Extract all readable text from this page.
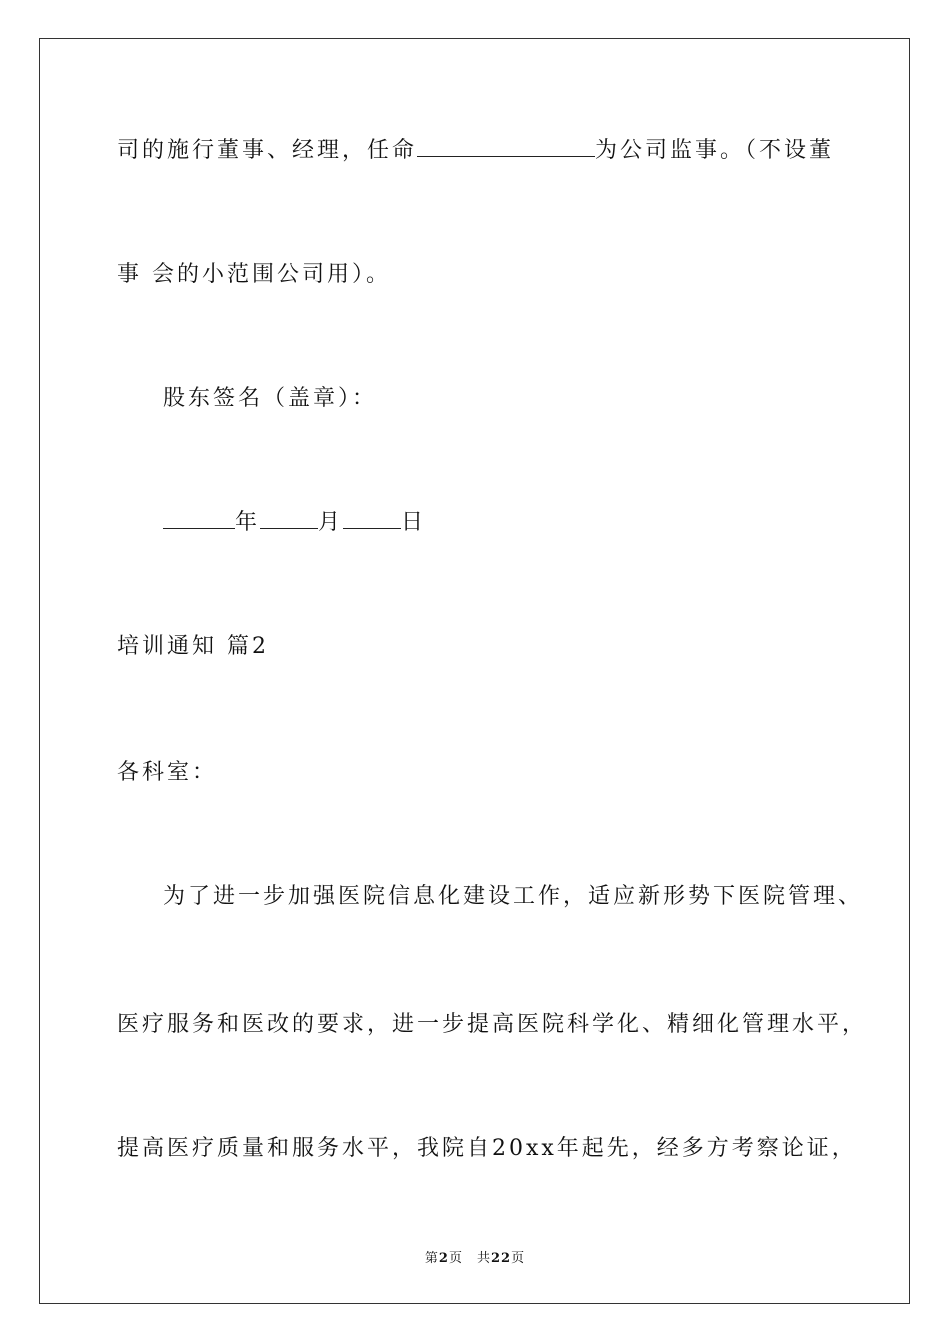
司的施行董事、经理，任命	为公司监事。（不设董
事 会的小范围公司用）。
股东签名（盖章）：
年	月	日
培训通知 篇2
各科室：
为了进一步加强医院信息化建设工作，适应新形势下医院管理、
医疗服务和医改的要求，进一步提高医院科学化、精细化管理水平，
提高医疗质量和服务水平，我院自20xx年起先，经多方考察论证，
第2页　共22页
